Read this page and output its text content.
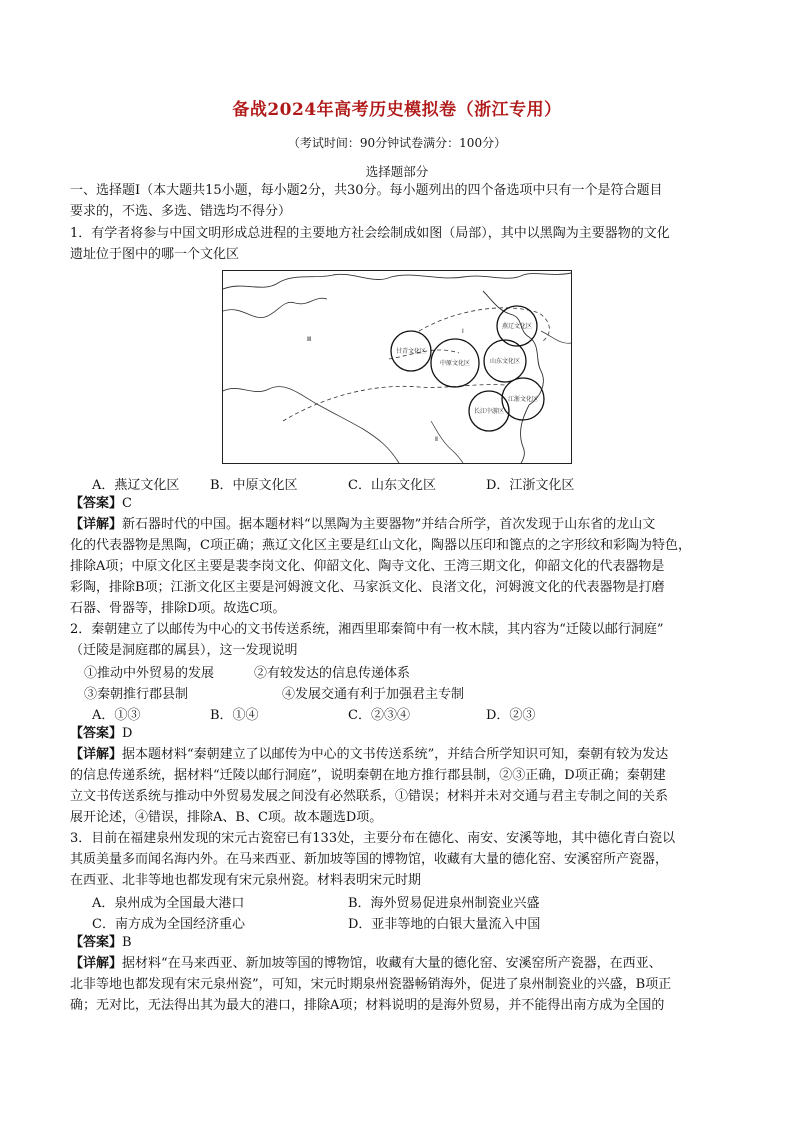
备战2024年高考历史模拟卷（浙江专用）
（考试时间：90分钟试卷满分：100分）
选择题部分
一、选择题Ⅰ（本大题共15小题，每小题2分，共30分。每小题列出的四个备选项中只有一个是符合题目
要求的，不选、多选、错选均不得分）
1．有学者将参与中国文明形成总进程的主要地方社会绘制成如图（局部），其中以黑陶为主要器物的文化
遗址位于图中的哪一个文化区
Ⅰ
Ⅱ
Ⅲ
燕辽文化区
甘青文化区
中原文化区	山东文化区
长江中游区
江浙文化区
A．燕辽文化区 B．中原文化区	C．山东文化区	D．江浙文化区
【答案】C
【详解】新石器时代的中国。据本题材料“以黑陶为主要器物”并结合所学，首次发现于山东省的龙山文
化的代表器物是黑陶，C项正确；燕辽文化区主要是红山文化，陶器以压印和篦点的之字形纹和彩陶为特色，
排除A项；中原文化区主要是裴李岗文化、仰韶文化、陶寺文化、王湾三期文化，仰韶文化的代表器物是
彩陶，排除B项；江浙文化区主要是河姆渡文化、马家浜文化、良渚文化，河姆渡文化的代表器物是打磨
石器、骨器等，排除D项。故选C项。
2．秦朝建立了以邮传为中心的文书传送系统，湘西里耶秦简中有一枚木牍，其内容为“迁陵以邮行洞庭”
（迁陵是洞庭郡的属县），这一发现说明
①推动中外贸易的发展	②有较发达的信息传递体系
③秦朝推行郡县制	④发展交通有利于加强君主专制
A．①③	B．①④	C．②③④	D．②③
【答案】D
【详解】据本题材料“秦朝建立了以邮传为中心的文书传送系统”，并结合所学知识可知，秦朝有较为发达
的信息传递系统，据材料“迁陵以邮行洞庭”，说明秦朝在地方推行郡县制，②③正确，D项正确；秦朝建
立文书传送系统与推动中外贸易发展之间没有必然联系，①错误；材料并未对交通与君主专制之间的关系
展开论述，④错误，排除A、B、C项。故本题选D项。
3．目前在福建泉州发现的宋元古瓷窑已有133处，主要分布在德化、南安、安溪等地，其中德化青白瓷以
其质美量多而闻名海内外。在马来西亚、新加坡等国的博物馆，收藏有大量的德化窑、安溪窑所产瓷器，
在西亚、北非等地也都发现有宋元泉州瓷。材料表明宋元时期
A．泉州成为全国最大港口	B．海外贸易促进泉州制瓷业兴盛
C．南方成为全国经济重心	D．亚非等地的白银大量流入中国
【答案】B
【详解】据材料“在马来西亚、新加坡等国的博物馆，收藏有大量的德化窑、安溪窑所产瓷器，在西亚、
北非等地也都发现有宋元泉州瓷”，可知，宋元时期泉州瓷器畅销海外，促进了泉州制瓷业的兴盛，B项正
确；无对比，无法得出其为最大的港口，排除A项；材料说明的是海外贸易，并不能得出南方成为全国的
